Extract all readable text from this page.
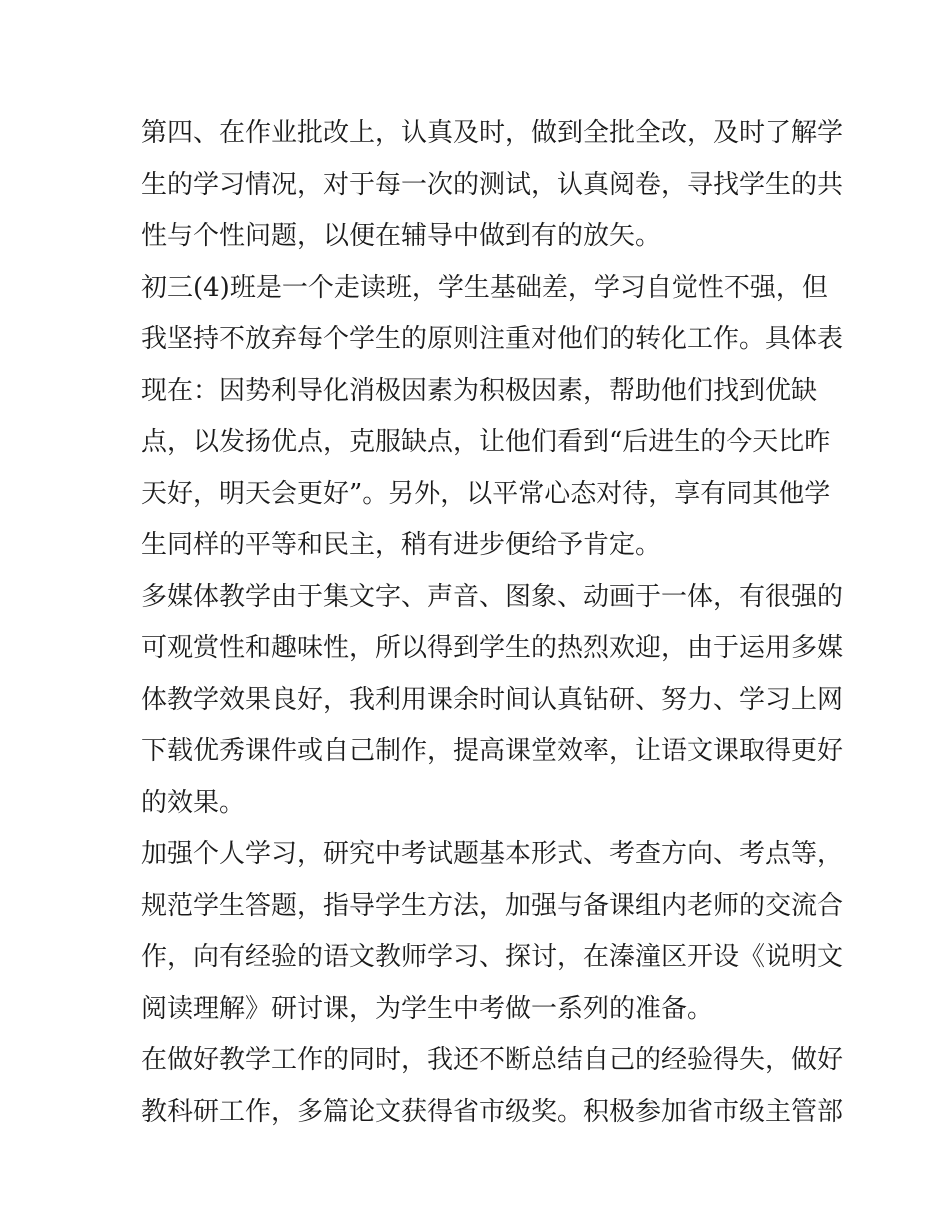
第四、在作业批改上，认真及时，做到全批全改，及时了解学
生的学习情况，对于每一次的测试，认真阅卷，寻找学生的共
性与个性问题，以便在辅导中做到有的放矢。
初三(4)班是一个走读班，学生基础差，学习自觉性不强，但
我坚持不放弃每个学生的原则注重对他们的转化工作。具体表
现在：因势利导化消极因素为积极因素，帮助他们找到优缺
点，以发扬优点，克服缺点，让他们看到“后进生的今天比昨
天好，明天会更好”。另外，以平常心态对待，享有同其他学
生同样的平等和民主，稍有进步便给予肯定。
多媒体教学由于集文字、声音、图象、动画于一体，有很强的
可观赏性和趣味性，所以得到学生的热烈欢迎，由于运用多媒
体教学效果良好，我利用课余时间认真钻研、努力、学习上网
下载优秀课件或自己制作，提高课堂效率，让语文课取得更好
的效果。
加强个人学习，研究中考试题基本形式、考查方向、考点等，
规范学生答题，指导学生方法，加强与备课组内老师的交流合
作，向有经验的语文教师学习、探讨，在溱潼区开设《说明文
阅读理解》研讨课，为学生中考做一系列的准备。
在做好教学工作的同时，我还不断总结自己的经验得失，做好
教科研工作，多篇论文获得省市级奖。积极参加省市级主管部
